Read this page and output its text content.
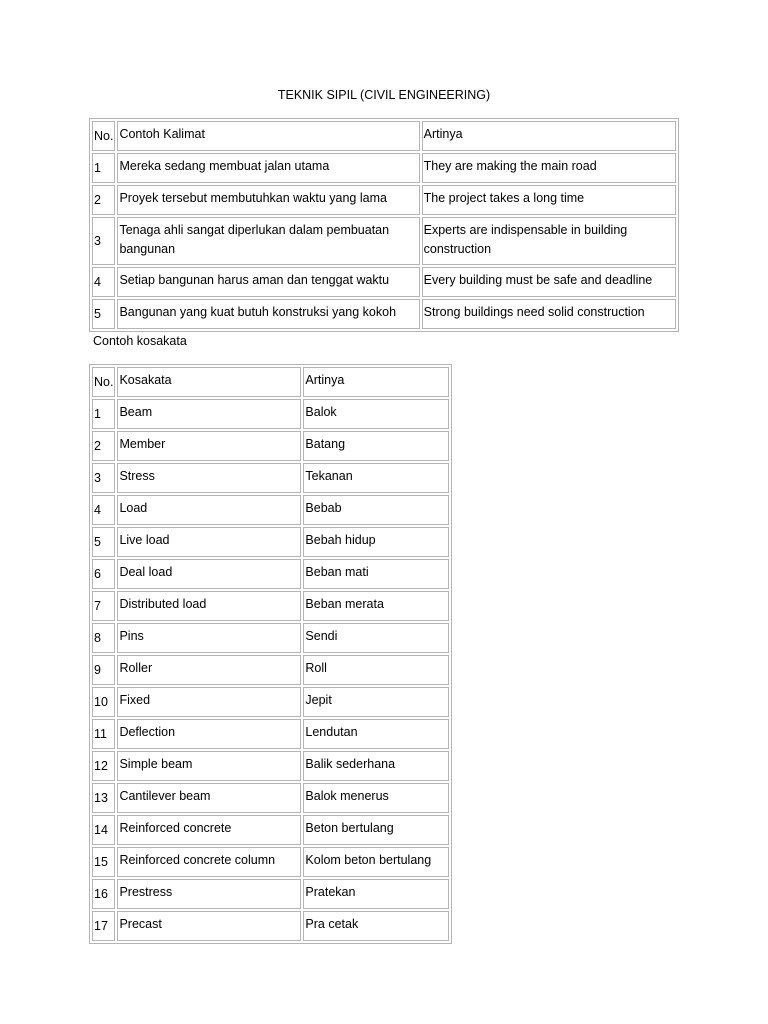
TEKNIK SIPIL (CIVIL ENGINEERING)
No.	Contoh Kalimat	Artinya
1	Mereka sedang membuat jalan utama	They are making the main road
2	Proyek tersebut membutuhkan waktu yang lama	The project takes a long time
3	Tenaga ahli sangat diperlukan dalam pembuatan bangunan	Experts are indispensable in building construction
4	Setiap bangunan harus aman dan tenggat waktu	Every building must be safe and deadline
5	Bangunan yang kuat butuh konstruksi yang kokoh	Strong buildings need solid construction
Contoh kosakata
No.	Kosakata	Artinya
1	Beam	Balok
2	Member	Batang
3	Stress	Tekanan
4	Load	Bebab
5	Live load	Bebah hidup
6	Deal load	Beban mati
7	Distributed load	Beban merata
8	Pins	Sendi
9	Roller	Roll
10	Fixed	Jepit
11	Deflection	Lendutan
12	Simple beam	Balik sederhana
13	Cantilever beam	Balok menerus
14	Reinforced concrete	Beton bertulang
15	Reinforced concrete column	Kolom beton bertulang
16	Prestress	Pratekan
17	Precast	Pra cetak
